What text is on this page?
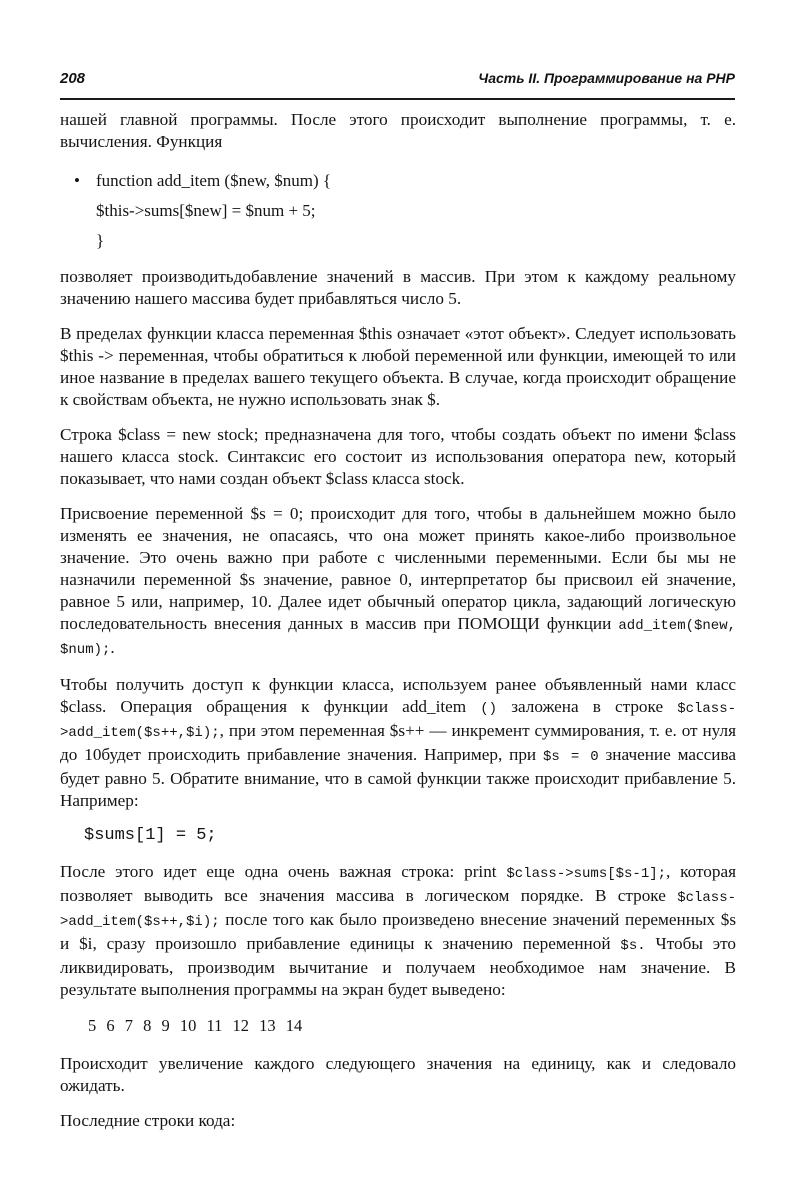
208	Часть II. Программирование на PHP

нашей главной программы. После этого происходит выполнение программы, т. е. вычисления. Функция

• function add_item ($new, $num) {
$this->sums[$new] = $num + 5;
}

позволяет производитьдобавление значений в массив. При этом к каждому реальному значению нашего массива будет прибавляться число 5.

В пределах функции класса переменная $this означает «этот объект». Следует использовать $this -> переменная, чтобы обратиться к любой переменной или функции, имеющей то или иное название в пределах вашего текущего объекта. В случае, когда происходит обращение к свойствам объекта, не нужно использовать знак $.

Строка $class = new stock; предназначена для того, чтобы создать объект по имени $class нашего класса stock. Синтаксис его состоит из использования оператора new, который показывает, что нами создан объект $class класса stock.

Присвоение переменной $s = 0; происходит для того, чтобы в дальнейшем можно было изменять ее значения, не опасаясь, что она может принять какое-либо произвольное значение. Это очень важно при работе с численными переменными. Если бы мы не назначили переменной $s значение, равное 0, интерпретатор бы присвоил ей значение, равное 5 или, например, 10. Далее идет обычный оператор цикла, задающий логическую последовательность внесения данных в массив при ПОМОЩИ функции add_item($new, $num);.

Чтобы получить доступ к функции класса, используем ранее объявленный нами класс $class. Операция обращения к функции add_item () заложена в строке $class->add_item($s++,$i);, при этом переменная $s++ — инкремент суммирования, т. е. от нуля до 10будет происходить прибавление значения. Например, при $s = 0 значение массива будет равно 5. Обратите внимание, что в самой функции также происходит прибавление 5. Например:

$sums[1] = 5;

После этого идет еще одна очень важная строка: print $class->sums[$s-1];, которая позволяет выводить все значения массива в логическом порядке. В строке $class->add_item($s++,$i); после того как было произведено внесение значений переменных $s и $i, сразу произошло прибавление единицы к значению переменной $s. Чтобы это ликвидировать, производим вычитание и получаем необходимое нам значение. В результате выполнения программы на экран будет выведено:

5 6 7 8 9 10 11 12 13 14

Происходит увеличение каждого следующего значения на единицу, как и следовало ожидать.

Последние строки кода:
